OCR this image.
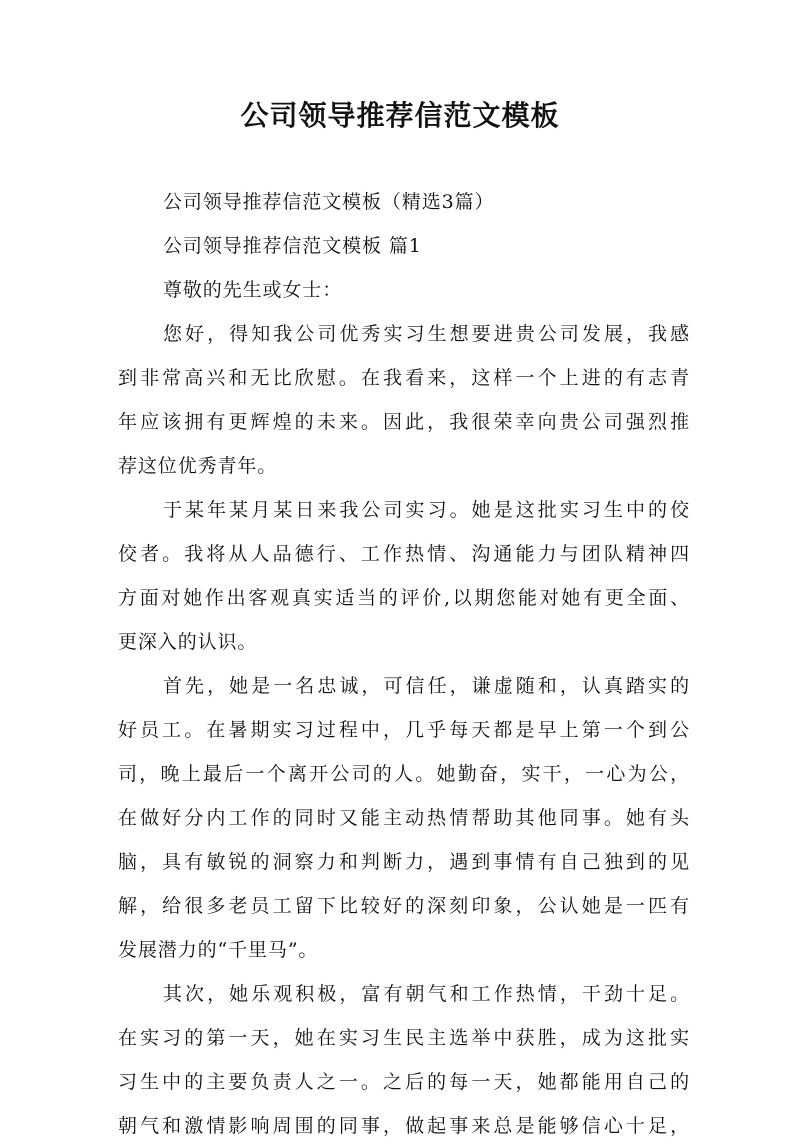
公司领导推荐信范文模板
公司领导推荐信范文模板（精选3篇）
公司领导推荐信范文模板 篇1
尊敬的先生或女士：
您好，得知我公司优秀实习生想要进贵公司发展，我感
到非常高兴和无比欣慰。在我看来，这样一个上进的有志青
年应该拥有更辉煌的未来。因此，我很荣幸向贵公司强烈推
荐这位优秀青年。
于某年某月某日来我公司实习。她是这批实习生中的佼
佼者。我将从人品德行、工作热情、沟通能力与团队精神四
方面对她作出客观真实适当的评价,以期您能对她有更全面、
更深入的认识。
首先，她是一名忠诚，可信任，谦虚随和，认真踏实的
好员工。在暑期实习过程中，几乎每天都是早上第一个到公
司，晚上最后一个离开公司的人。她勤奋，实干，一心为公，
在做好分内工作的同时又能主动热情帮助其他同事。她有头
脑，具有敏锐的洞察力和判断力，遇到事情有自己独到的见
解，给很多老员工留下比较好的深刻印象，公认她是一匹有
发展潜力的“千里马”。
其次，她乐观积极，富有朝气和工作热情，干劲十足。
在实习的第一天，她在实习生民主选举中获胜，成为这批实
习生中的主要负责人之一。之后的每一天，她都能用自己的
朝气和激情影响周围的同事，做起事来总是能够信心十足，
